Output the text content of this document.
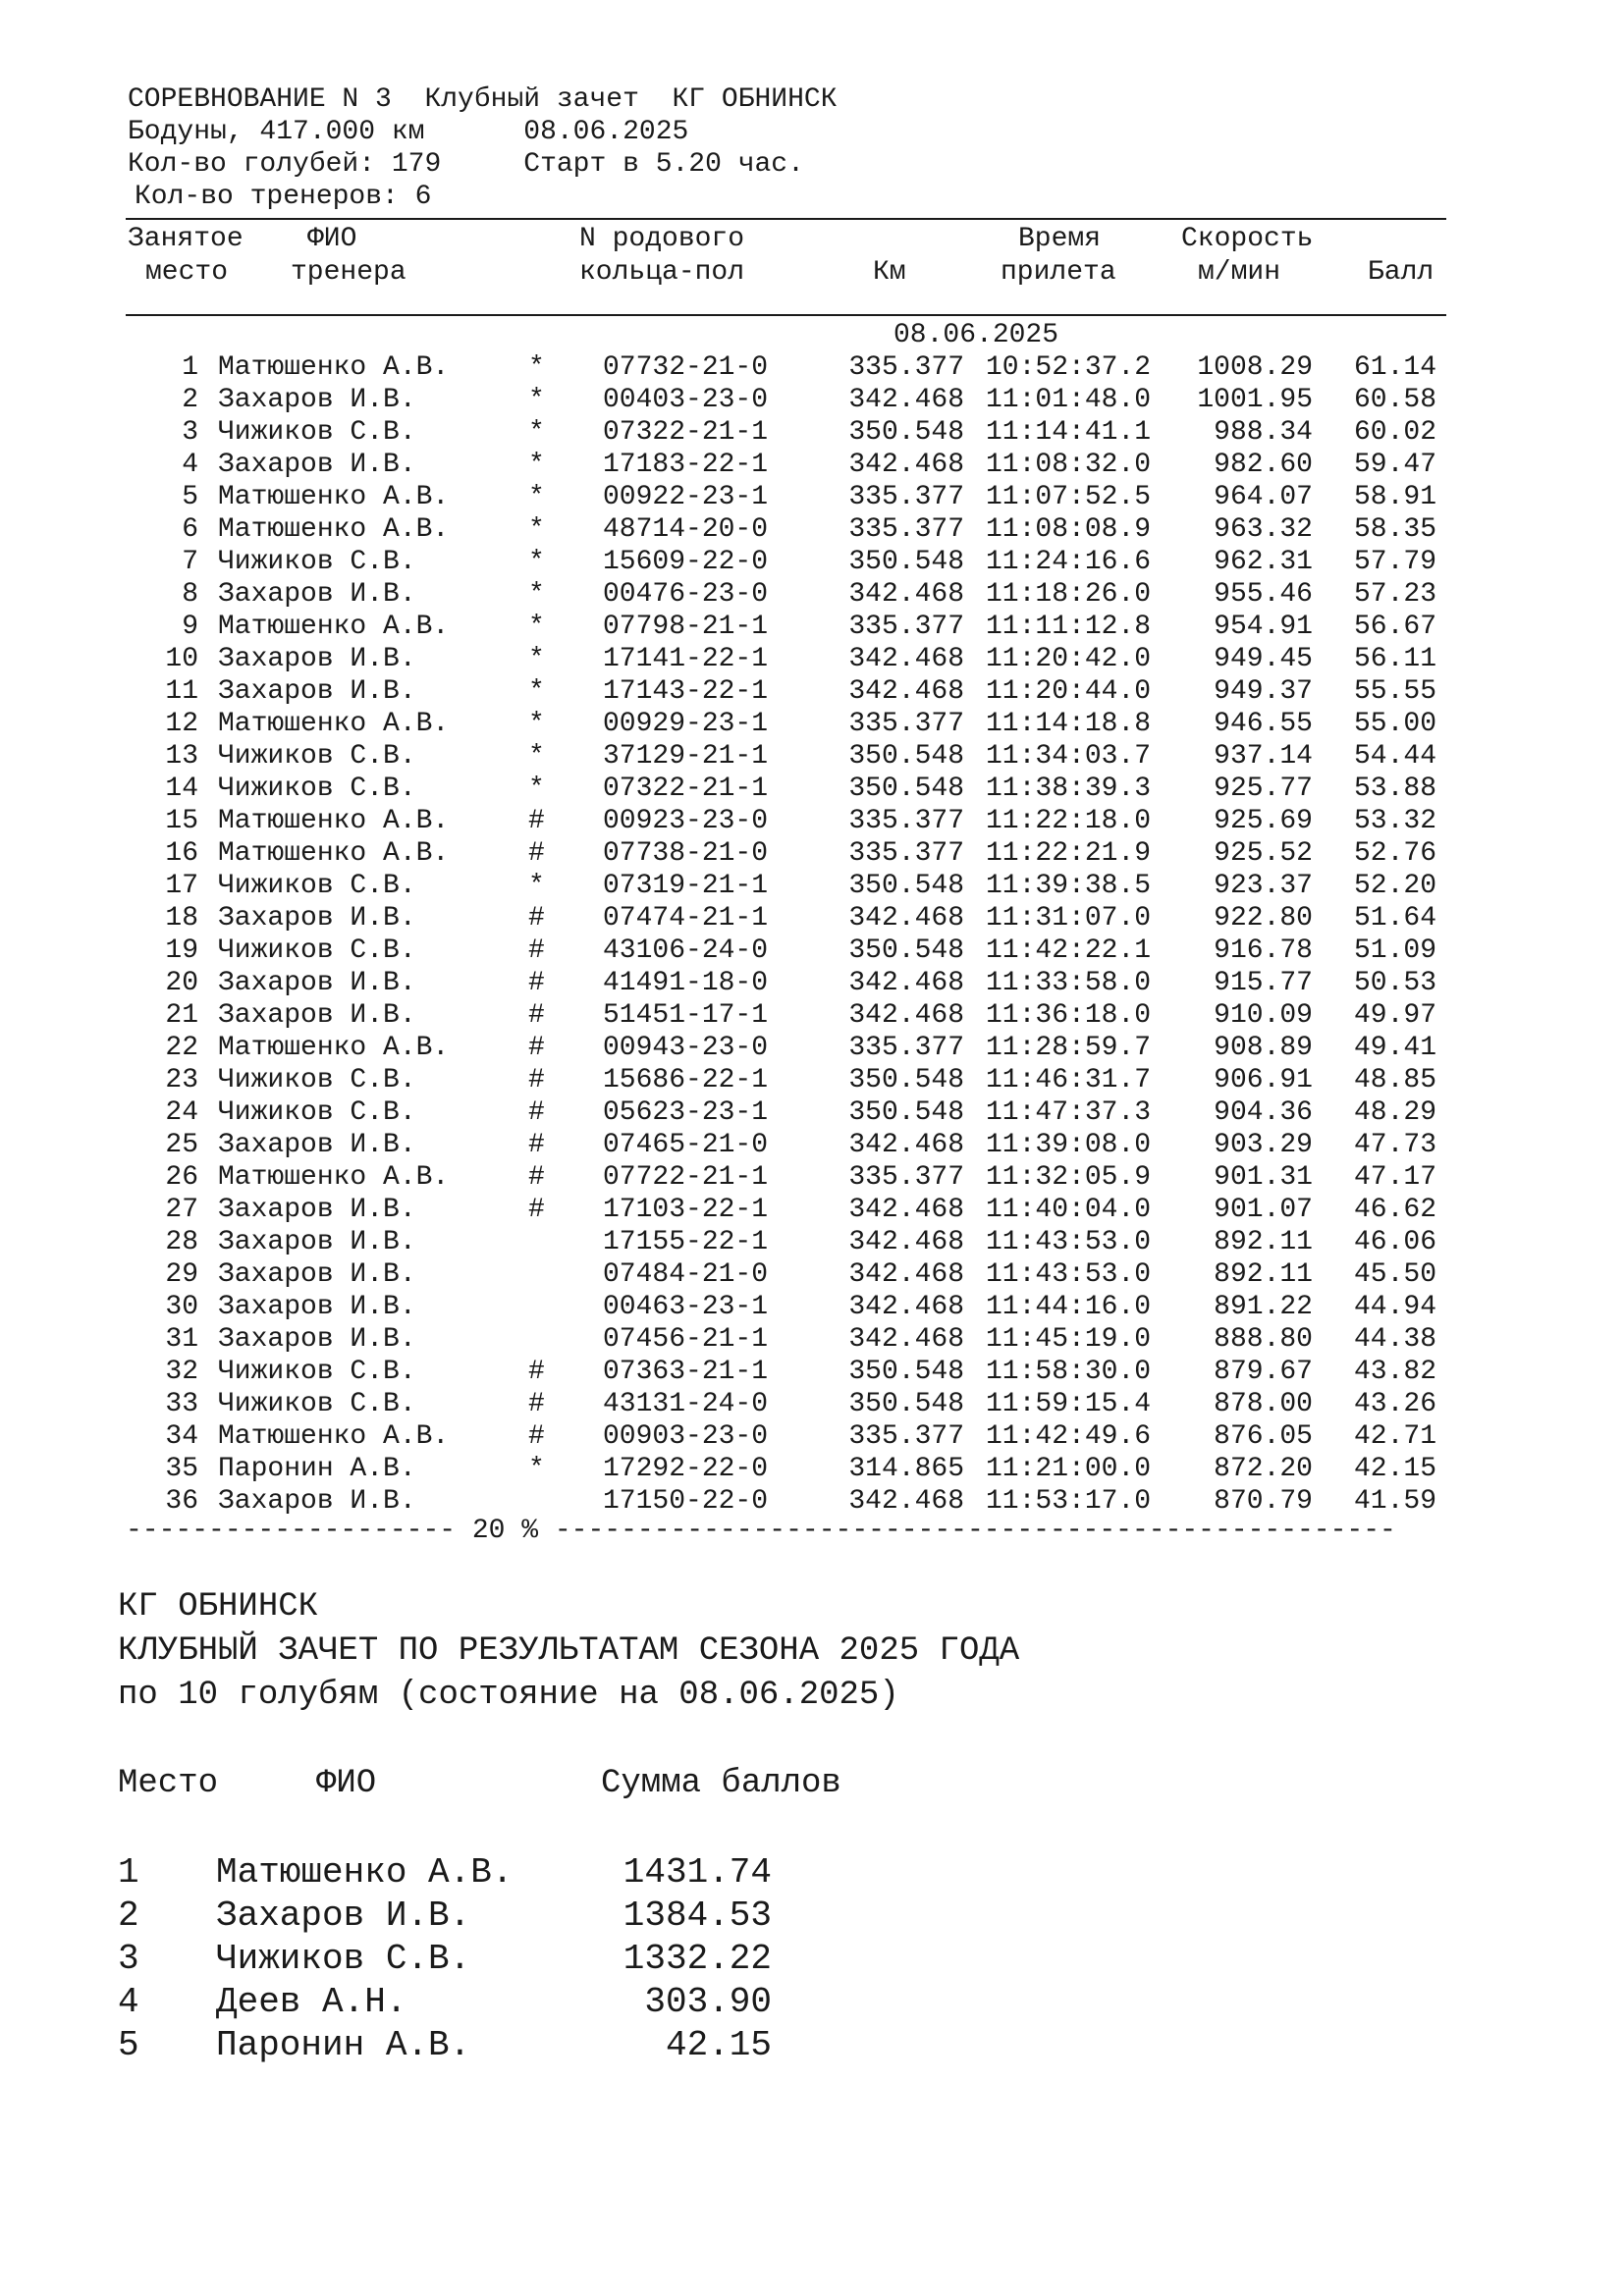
СОРЕВНОВАНИЕ N 3  Клубный зачет  КГ ОБНИНСК
Бодуны, 417.000 км      08.06.2025
Кол-во голубей: 179     Старт в 5.20 час.
Кол-во тренеров: 6
Занятое
место
ФИО
тренера
N родового
кольца-пол	Км
Время
прилета
Скорость
м/мин	Балл
08.06.2025
1 Матюшенко А.В.	* 07732-21-0	335.377 10:52:37.2	1008.29	61.14
2 Захаров И.В.	* 00403-23-0	342.468 11:01:48.0	1001.95	60.58
3 Чижиков С.В.	* 07322-21-1	350.548 11:14:41.1	988.34	60.02
4 Захаров И.В.	* 17183-22-1	342.468 11:08:32.0	982.60	59.47
5 Матюшенко А.В.	* 00922-23-1	335.377 11:07:52.5	964.07	58.91
6 Матюшенко А.В.	* 48714-20-0	335.377 11:08:08.9	963.32	58.35
7 Чижиков С.В.	* 15609-22-0	350.548 11:24:16.6	962.31	57.79
8 Захаров И.В.	* 00476-23-0	342.468 11:18:26.0	955.46	57.23
9 Матюшенко А.В.	* 07798-21-1	335.377 11:11:12.8	954.91	56.67
10 Захаров И.В.	* 17141-22-1	342.468 11:20:42.0	949.45	56.11
11 Захаров И.В.	* 17143-22-1	342.468 11:20:44.0	949.37	55.55
12 Матюшенко А.В.	* 00929-23-1	335.377 11:14:18.8	946.55	55.00
13 Чижиков С.В.	* 37129-21-1	350.548 11:34:03.7	937.14	54.44
14 Чижиков С.В.	* 07322-21-1	350.548 11:38:39.3	925.77	53.88
15 Матюшенко А.В.	# 00923-23-0	335.377 11:22:18.0	925.69	53.32
16 Матюшенко А.В.	# 07738-21-0	335.377 11:22:21.9	925.52	52.76
17 Чижиков С.В.	* 07319-21-1	350.548 11:39:38.5	923.37	52.20
18 Захаров И.В.	# 07474-21-1	342.468 11:31:07.0	922.80	51.64
19 Чижиков С.В.	# 43106-24-0	350.548 11:42:22.1	916.78	51.09
20 Захаров И.В.	# 41491-18-0	342.468 11:33:58.0	915.77	50.53
21 Захаров И.В.	# 51451-17-1	342.468 11:36:18.0	910.09	49.97
22 Матюшенко А.В.	# 00943-23-0	335.377 11:28:59.7	908.89	49.41
23 Чижиков С.В.	# 15686-22-1	350.548 11:46:31.7	906.91	48.85
24 Чижиков С.В.	# 05623-23-1	350.548 11:47:37.3	904.36	48.29
25 Захаров И.В.	# 07465-21-0	342.468 11:39:08.0	903.29	47.73
26 Матюшенко А.В.	# 07722-21-1	335.377 11:32:05.9	901.31	47.17
27 Захаров И.В.	# 17103-22-1	342.468 11:40:04.0	901.07	46.62
28 Захаров И.В.	17155-22-1	342.468 11:43:53.0	892.11	46.06
29 Захаров И.В.	07484-21-0	342.468 11:43:53.0	892.11	45.50
30 Захаров И.В.	00463-23-1	342.468 11:44:16.0	891.22	44.94
31 Захаров И.В.	07456-21-1	342.468 11:45:19.0	888.80	44.38
32 Чижиков С.В.	# 07363-21-1	350.548 11:58:30.0	879.67	43.82
33 Чижиков С.В.	# 43131-24-0	350.548 11:59:15.4	878.00	43.26
34 Матюшенко А.В.	# 00903-23-0	335.377 11:42:49.6	876.05	42.71
35 Паронин А.В.	* 17292-22-0	314.865 11:21:00.0	872.20	42.15
36 Захаров И.В.	17150-22-0	342.468 11:53:17.0	870.79	41.59
-------------------- 20 % ---------------------------------------------------
КГ ОБНИНСК
КЛУБНЫЙ ЗАЧЕТ ПО РЕЗУЛЬТАТАМ СЕЗОНА 2025 ГОДА
по 10 голубям (состояние на 08.06.2025)
Место	ФИО	Сумма баллов
1 Матюшенко А.В.	1431.74
2 Захаров И.В.	1384.53
3 Чижиков С.В.	1332.22
4 Деев А.Н.	303.90
5 Паронин А.В.	42.15
